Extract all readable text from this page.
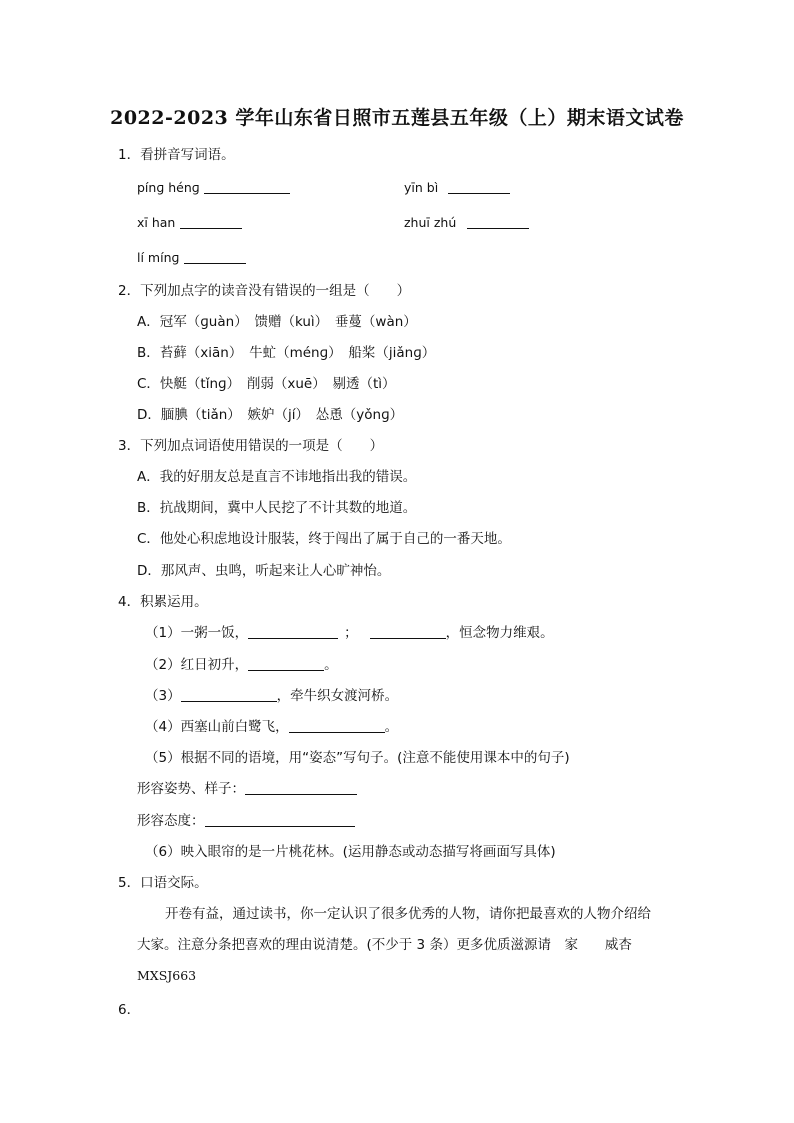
2022-2023 学年山东省日照市五莲县五年级（上）期末语文试卷
1．看拼音写词语。
pínɡ hénɡ	yīn bì
xī han	zhuī zhú
lí mínɡ
2．下列加点字的读音没有错误的一组是（　　）
A．冠军（ɡuàn）　馈赠（kuì）　垂蔓（wàn）
B．苔藓（xiān）　牛虻（ménɡ）　船桨（jiǎnɡ）
C．快艇（tǐnɡ）　削弱（xuē）　剔透（tì）
D．腼腆（tiǎn）　嫉妒（jí）　怂恿（yǒnɡ）
3．下列加点词语使用错误的一项是（　　）
A．我的好朋友总是直言不讳地指出我的错误。
B．抗战期间，冀中人民挖了不计其数的地道。
C．他处心积虑地设计服装，终于闯出了属于自己的一番天地。
D．那风声、虫鸣，听起来让人心旷神怡。
4．积累运用。
（1）一粥一饭，	；	，恒念物力维艰。
（2）红日初升，	。
（3）	，牵牛织女渡河桥。
（4）西塞山前白鹭飞，	。
（5）根据不同的语境，用“姿态”写句子。(注意不能使用课本中的句子)
形容姿势、样子：
形容态度：
（6）映入眼帘的是一片桃花林。(运用静态或动态描写将画面写具体)
5．口语交际。
开卷有益，通过读书，你一定认识了很多优秀的人物，请你把最喜欢的人物介绍给
大家。注意分条把喜欢的理由说清楚。(不少于 3 条）更多优质滋源请　家　　威杏
MXSJ663
6．
